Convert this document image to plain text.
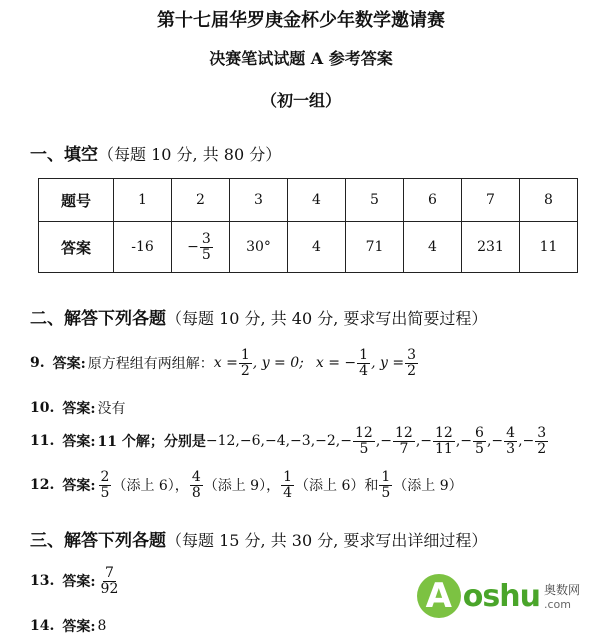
第十七届华罗庚金杯少年数学邀请赛
决赛笔试试题 A 参考答案
（初一组）
一、填空（每题 10 分, 共 80 分）
题号	1	2	3	4	5	6	7	8
答案	-16	− $\frac{3}{5}$	30°	4	71	4	231	11
二、解答下列各题（每题 10 分, 共 40 分, 要求写出简要过程）
9. 答案: 原方程组有两组解： $x = \frac{1}{2}$ , y = 0; x = − $\frac{1}{4}$ , $y = \frac{3}{2}$
10. 答案: 没有
11. 答案: 11 个解；分别是 −12,−6,−4,−3,−2, − $\frac{12}{5}$ ,− $\frac{12}{7}$ ,− $\frac{12}{11}$ ,− $\frac{6}{5}$ ,− $\frac{4}{3}$ ,− $\frac{3}{2}$
12. 答案: $\frac{2}{5}$ （添上 6）， $\frac{4}{8}$ （添上 9）， $\frac{1}{4}$ （添上 6）和 $\frac{1}{5}$ （添上 9）
三、解答下列各题（每题 15 分, 共 30 分, 要求写出详细过程）
13. 答案: $\frac{7}{92}$
14. 答案: 8
A oshu 奥数网
.com
